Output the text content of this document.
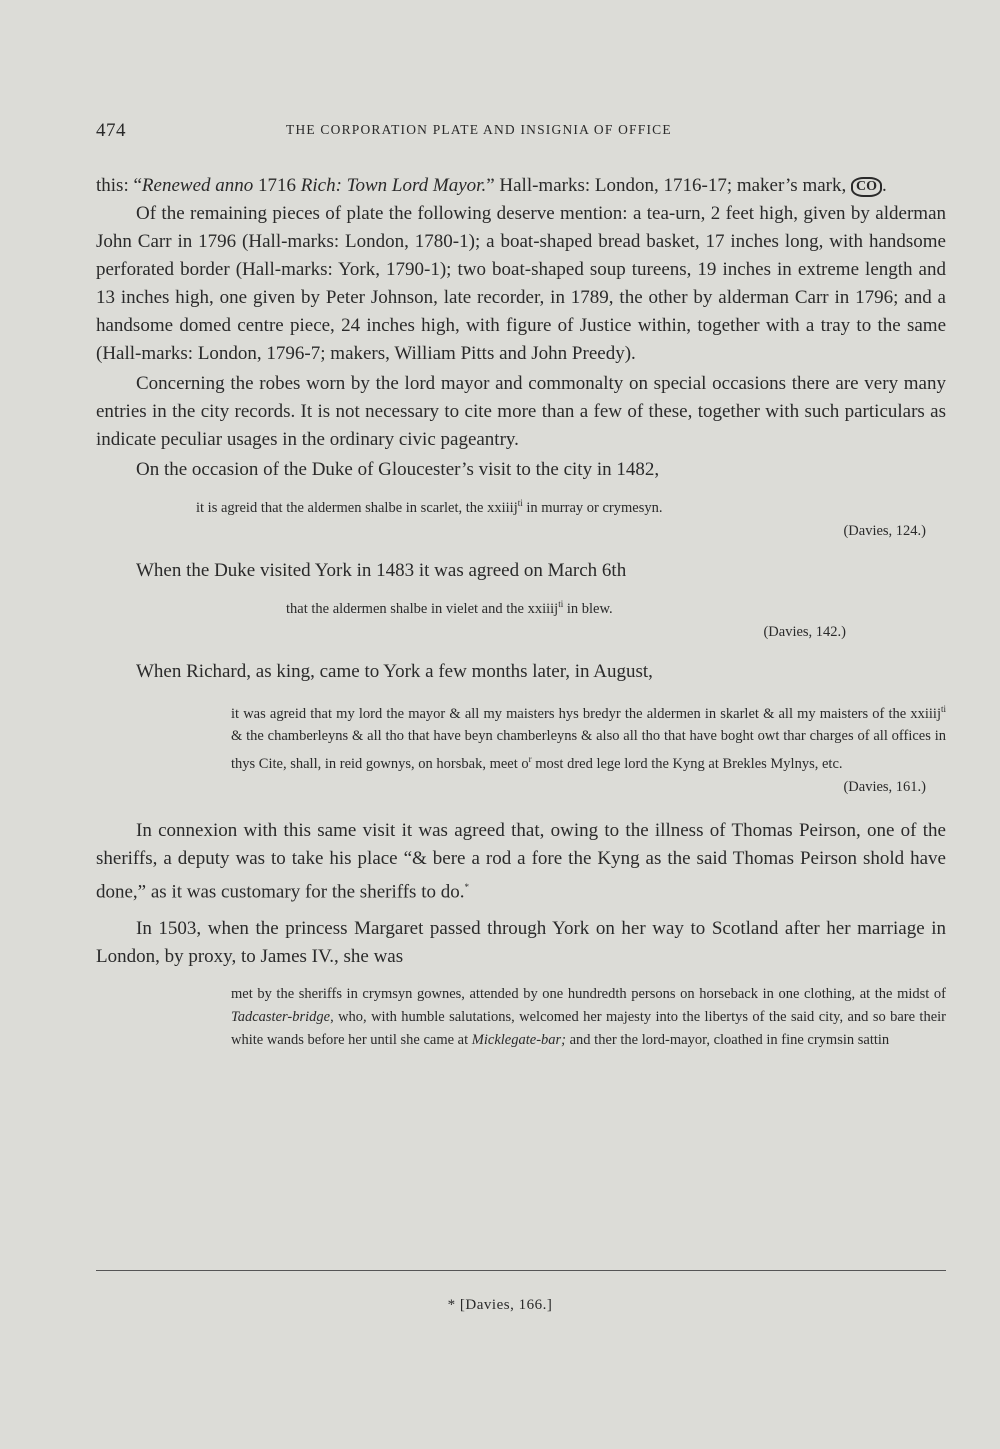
474	THE CORPORATION PLATE AND INSIGNIA OF OFFICE

this: “Renewed anno 1716 Rich: Town Lord Mayor.” Hall-marks: London, 1716-17; maker’s mark, CO .

Of the remaining pieces of plate the following deserve mention: a tea-urn, 2 feet high, given by alderman John Carr in 1796 (Hall-marks: London, 1780-1); a boat-shaped bread basket, 17 inches long, with handsome perforated border (Hall-marks: York, 1790-1); two boat-shaped soup tureens, 19 inches in extreme length and 13 inches high, one given by Peter Johnson, late recorder, in 1789, the other by alderman Carr in 1796; and a handsome domed centre piece, 24 inches high, with figure of Justice within, together with a tray to the same (Hall-marks: London, 1796-7; makers, William Pitts and John Preedy).

Concerning the robes worn by the lord mayor and commonalty on special occasions there are very many entries in the city records. It is not necessary to cite more than a few of these, together with such particulars as indicate peculiar usages in the ordinary civic pageantry.

On the occasion of the Duke of Gloucester’s visit to the city in 1482,

it is agreid that the aldermen shalbe in scarlet, the xxiiij$^{ti}$ in murray or crymesyn.

(Davies, 124.)

When the Duke visited York in 1483 it was agreed on March 6th

that the aldermen shalbe in vielet and the xxiiij$^{ti}$ in blew.

(Davies, 142.)

When Richard, as king, came to York a few months later, in August,

it was agreid that my lord the mayor & all my maisters hys bredyr the aldermen in skarlet & all my maisters of the xxiiij$^{ti}$ & the chamberleyns & all tho that have beyn chamberleyns & also all tho that have boght owt thar charges of all offices in thys Cite, shall, in reid gownys, on horsbak, meet $o^r$ most dred lege lord the Kyng at Brekles Mylnys, etc.

(Davies, 161.)

In connexion with this same visit it was agreed that, owing to the illness of Thomas Peirson, one of the sheriffs, a deputy was to take his place “& bere a rod a fore the Kyng as the said Thomas Peirson shold have done,” as it was customary for the sheriffs to do.*

In 1503, when the princess Margaret passed through York on her way to Scotland after her marriage in London, by proxy, to James IV., she was

met by the sheriffs in crymsyn gownes, attended by one hundredth persons on horseback in one clothing, at the midst of Tadcaster-bridge, who, with humble salutations, welcomed her majesty into the libertys of the said city, and so bare their white wands before her until she came at Micklegate-bar; and ther the lord-mayor, cloathed in fine crymsin sattin

* [Davies, 166.]
